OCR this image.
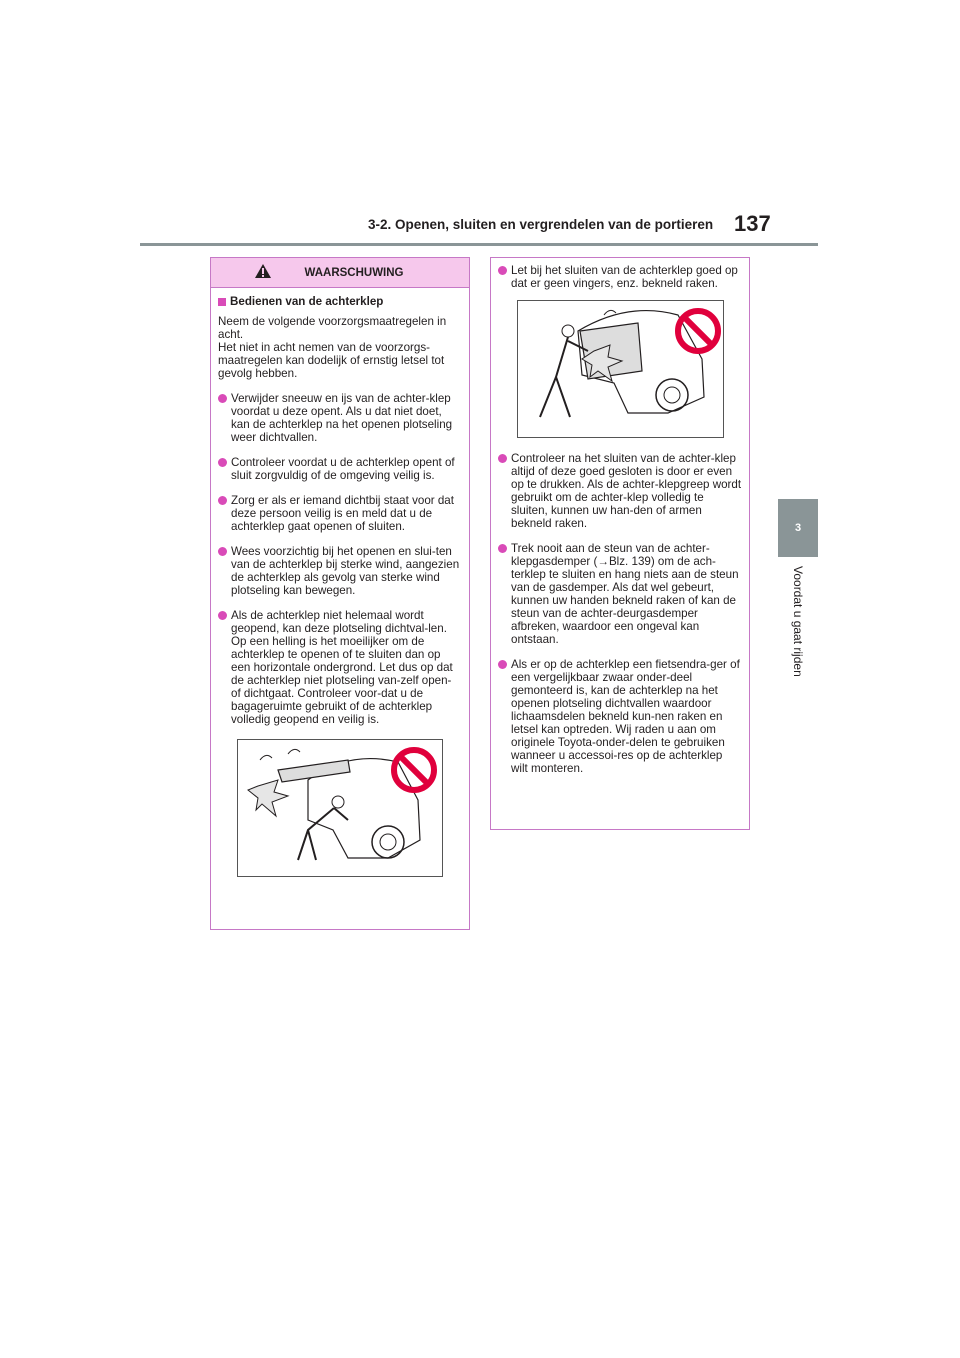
3-2. Openen, sluiten en vergrendelen van de portieren 137
3
Voordat u gaat rijden
WAARSCHUWING

Bedienen van de achterklep

Neem de volgende voorzorgsmaatregelen in acht.
Het niet in acht nemen van de voorzorgs-maatregelen kan dodelijk of ernstig letsel tot gevolg hebben.

Verwijder sneeuw en ijs van de achter-klep voordat u deze opent. Als u dat niet doet, kan de achterklep na het openen plotseling weer dichtvallen.
Controleer voordat u de achterklep opent of sluit zorgvuldig of de omgeving veilig is.
Zorg er als er iemand dichtbij staat voor dat deze persoon veilig is en meld dat u de achterklep gaat openen of sluiten.
Wees voorzichtig bij het openen en slui-ten van de achterklep bij sterke wind, aangezien de achterklep als gevolg van sterke wind plotseling kan bewegen.
Als de achterklep niet helemaal wordt geopend, kan deze plotseling dichtval-len. Op een helling is het moeilijker om de achterklep te openen of te sluiten dan op een horizontale ondergrond. Let dus op dat de achterklep niet plotseling van-zelf open- of dichtgaat. Controleer voor-dat u de bagageruimte gebruikt of de achterklep volledig geopend en veilig is.
Let bij het sluiten van de achterklep goed op dat er geen vingers, enz. bekneld raken.
Controleer na het sluiten van de achter-klep altijd of deze goed gesloten is door er even op te drukken. Als de achter-klepgreep wordt gebruikt om de achter-klep volledig te sluiten, kunnen uw han-den of armen bekneld raken.
Trek nooit aan de steun van de achter-klepgasdemper (→Blz. 139) om de ach-terklep te sluiten en hang niets aan de steun van de gasdemper. Als dat wel gebeurt, kunnen uw handen bekneld raken of kan de steun van de achter-deurgasdemper afbreken, waardoor een ongeval kan ontstaan.
Als er op de achterklep een fietsendra-ger of een vergelijkbaar zwaar onder-deel gemonteerd is, kan de achterklep na het openen plotseling dichtvallen waardoor lichaamsdelen bekneld kun-nen raken en letsel kan optreden. Wij raden u aan om originele Toyota-onder-delen te gebruiken wanneer u accessoi-res op de achterklep wilt monteren.
